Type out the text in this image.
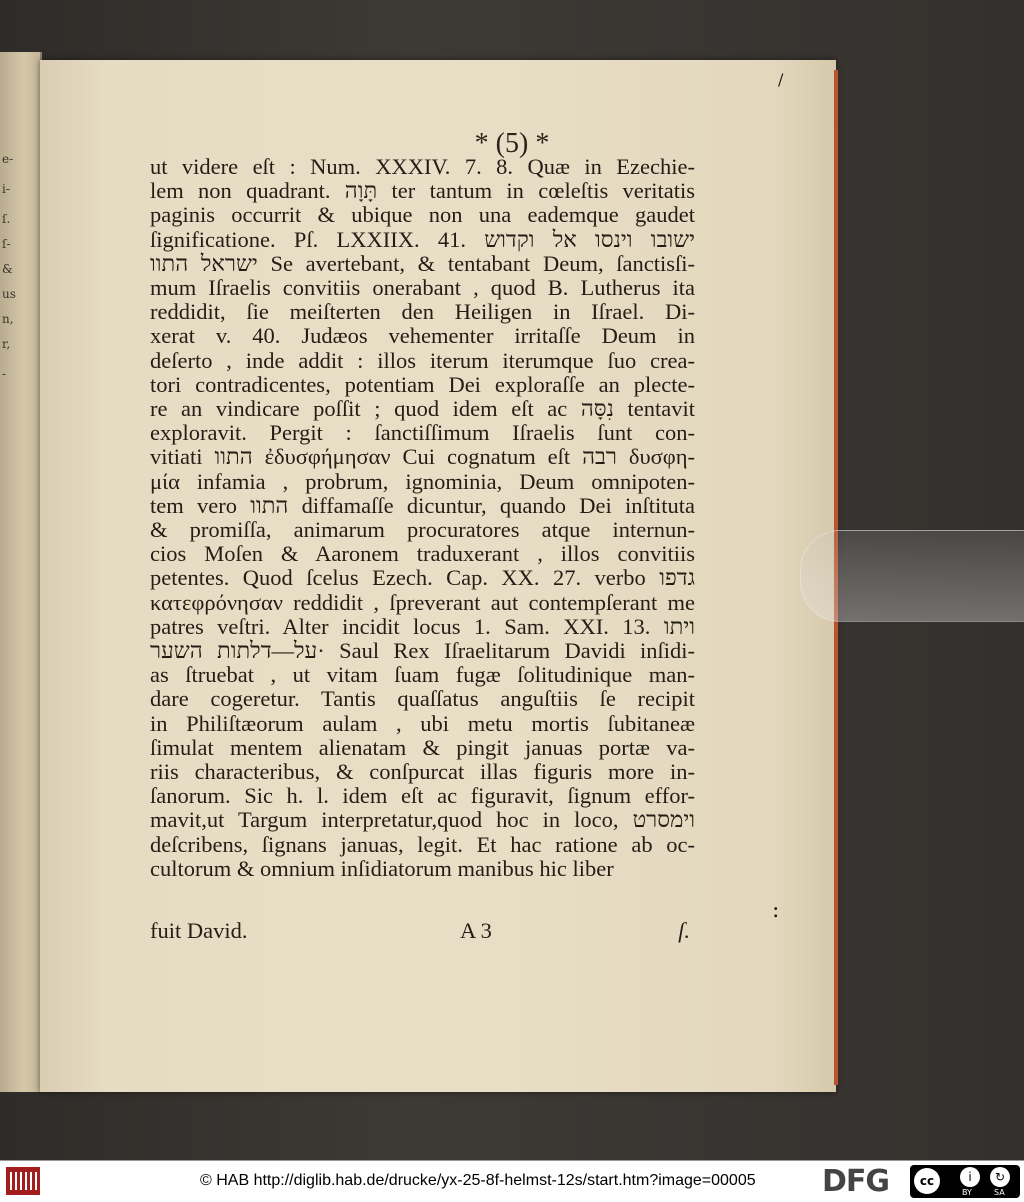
e-
i-
ſ.
ſ-
&
us
n,
r,
-
/
* (5) *
ut videre eſt : Num. XXXIV. 7. 8. Quæ in Ezechie-
lem non quadrant. תָּוָה ter tantum in cœleſtis veritatis
paginis occurrit & ubique non una eademque gaudet
ſignificatione. Pſ. LXXIIX. 41. ישובו וינסו אל וקדוש
ישראל התוו Se avertebant, & tentabant Deum, ſanctisſi-
mum Iſraelis convitiis onerabant , quod B. Lutherus ita
reddidit, ſie meiſterten den Heiligen in Iſrael. Di-
xerat v. 40. Judæos vehementer irritaſſe Deum in
deſerto , inde addit : illos iterum iterumque ſuo crea-
tori contradicentes, potentiam Dei exploraſſe an plecte-
re an vindicare poſſit ; quod idem eſt ac נִסָּה tentavit
exploravit. Pergit : ſanctiſſimum Iſraelis ſunt con-
vitiati התוו ἐδυσφήμησαν Cui cognatum eſt רבה δυσφη-
μία infamia , probrum, ignominia, Deum omnipoten-
tem vero התוו diffamaſſe dicuntur, quando Dei inſtituta
& promiſſa, animarum procuratores atque internun-
cios Moſen & Aaronem traduxerant , illos convitiis
petentes. Quod ſcelus Ezech. Cap. XX. 27. verbo גדפו
κατεφρόνησαν reddidit , ſpreverant aut contempſerant me
patres veſtri. Alter incidit locus 1. Sam. XXI. 13. ויתו
על—דלתות השער· Saul Rex Iſraelitarum Davidi inſidi-
as ſtruebat , ut vitam ſuam fugæ ſolitudinique man-
dare cogeretur. Tantis quaſſatus anguſtiis ſe recipit
in Philiſtæorum aulam , ubi metu mortis ſubitaneæ
ſimulat mentem alienatam & pingit januas portæ va-
riis characteribus, & conſpurcat illas figuris more in-
ſanorum. Sic h. l. idem eſt ac figuravit, ſignum effor-
mavit,ut Targum interpretatur,quod hoc in loco, וימסרט
deſcribens, ſignans januas, legit. Et hac ratione ab oc-
cultorum & omnium inſidiatorum manibus hic liber
fuit David.	A 3	ſ.
:
© HAB http://diglib.hab.de/drucke/yx-25-8f-helmst-12s/start.htm?image=00005 DFG	cc	i	↻
BY	SA
